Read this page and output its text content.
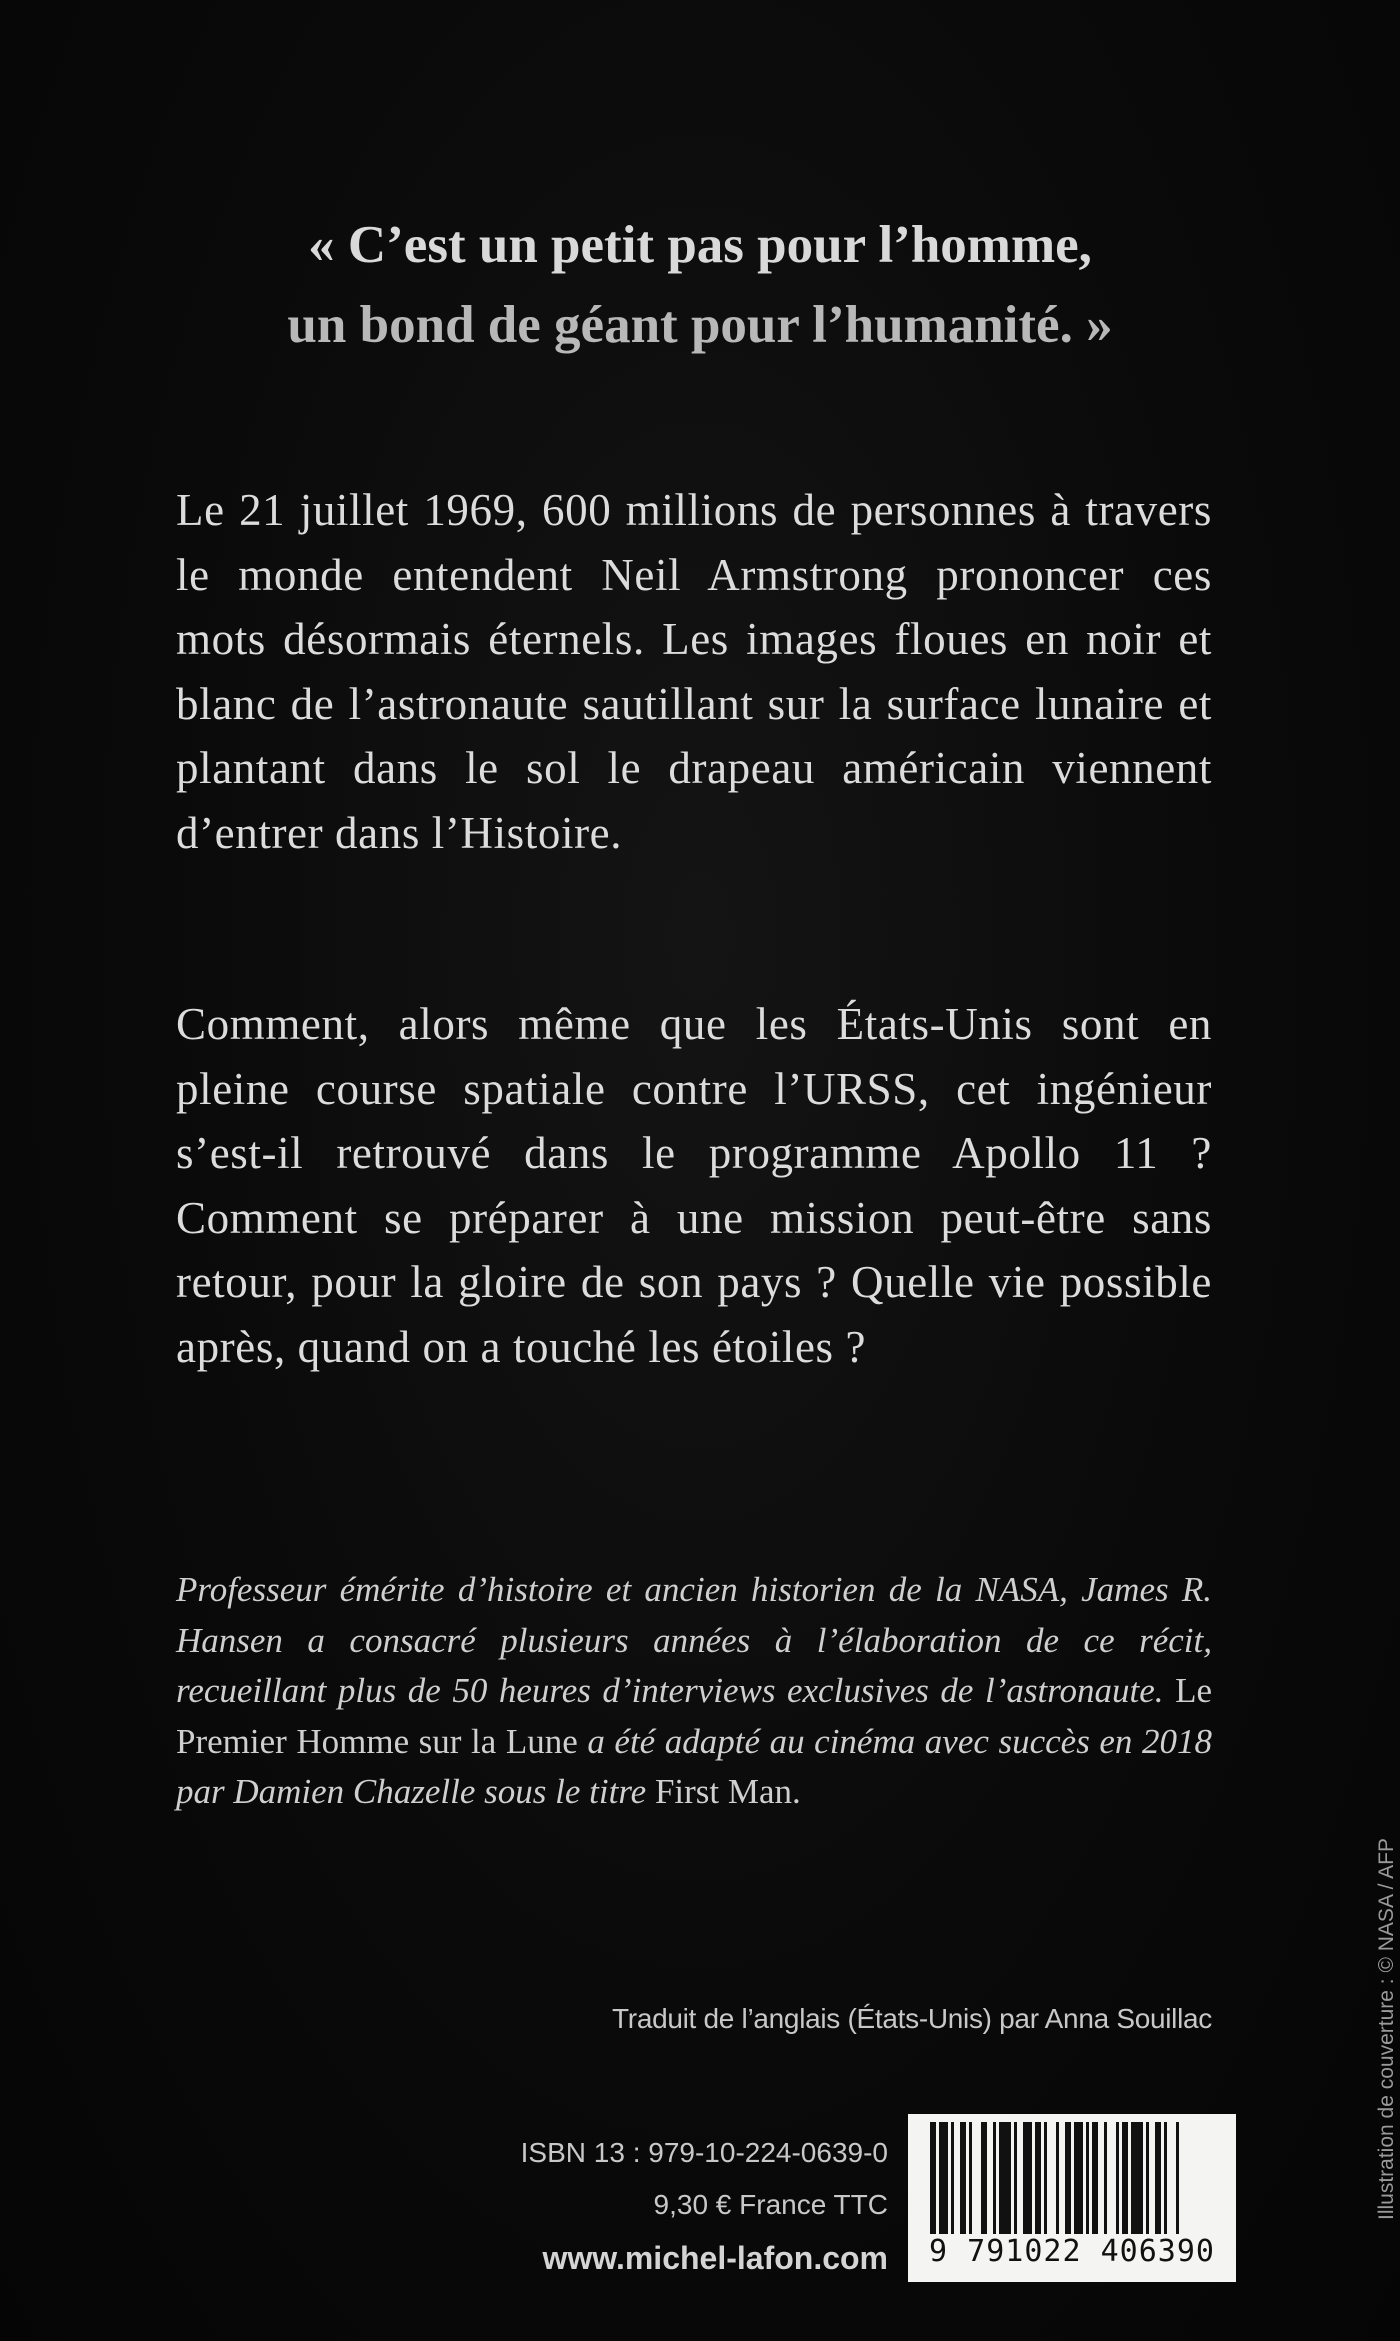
« C’est un petit pas pour l’homme,
un bond de géant pour l’humanité. »
Le 21 juillet 1969, 600 millions de personnes à travers le monde entendent Neil Armstrong prononcer ces mots désormais éternels. Les images floues en noir et blanc de l’astronaute sautillant sur la surface lunaire et plantant dans le sol le drapeau américain viennent d’entrer dans l’Histoire.
Comment, alors même que les États-Unis sont en pleine course spatiale contre l’URSS, cet ingénieur s’est-il retrouvé dans le programme Apollo 11 ? Comment se préparer à une mission peut-être sans retour, pour la gloire de son pays ? Quelle vie possible après, quand on a touché les étoiles ?
Professeur émérite d’histoire et ancien historien de la NASA, James R. Hansen a consacré plusieurs années à l’élaboration de ce récit, recueillant plus de 50 heures d’interviews exclusives de l’astronaute. Le Premier Homme sur la Lune a été adapté au cinéma avec succès en 2018 par Damien Chazelle sous le titre First Man.
Traduit de l’anglais (États-Unis) par Anna Souillac
ISBN 13 : 979-10-224-0639-0
9,30 € France TTC
www.michel-lafon.com	9 791022 406390
Illustration de couverture : © NASA / AFP
